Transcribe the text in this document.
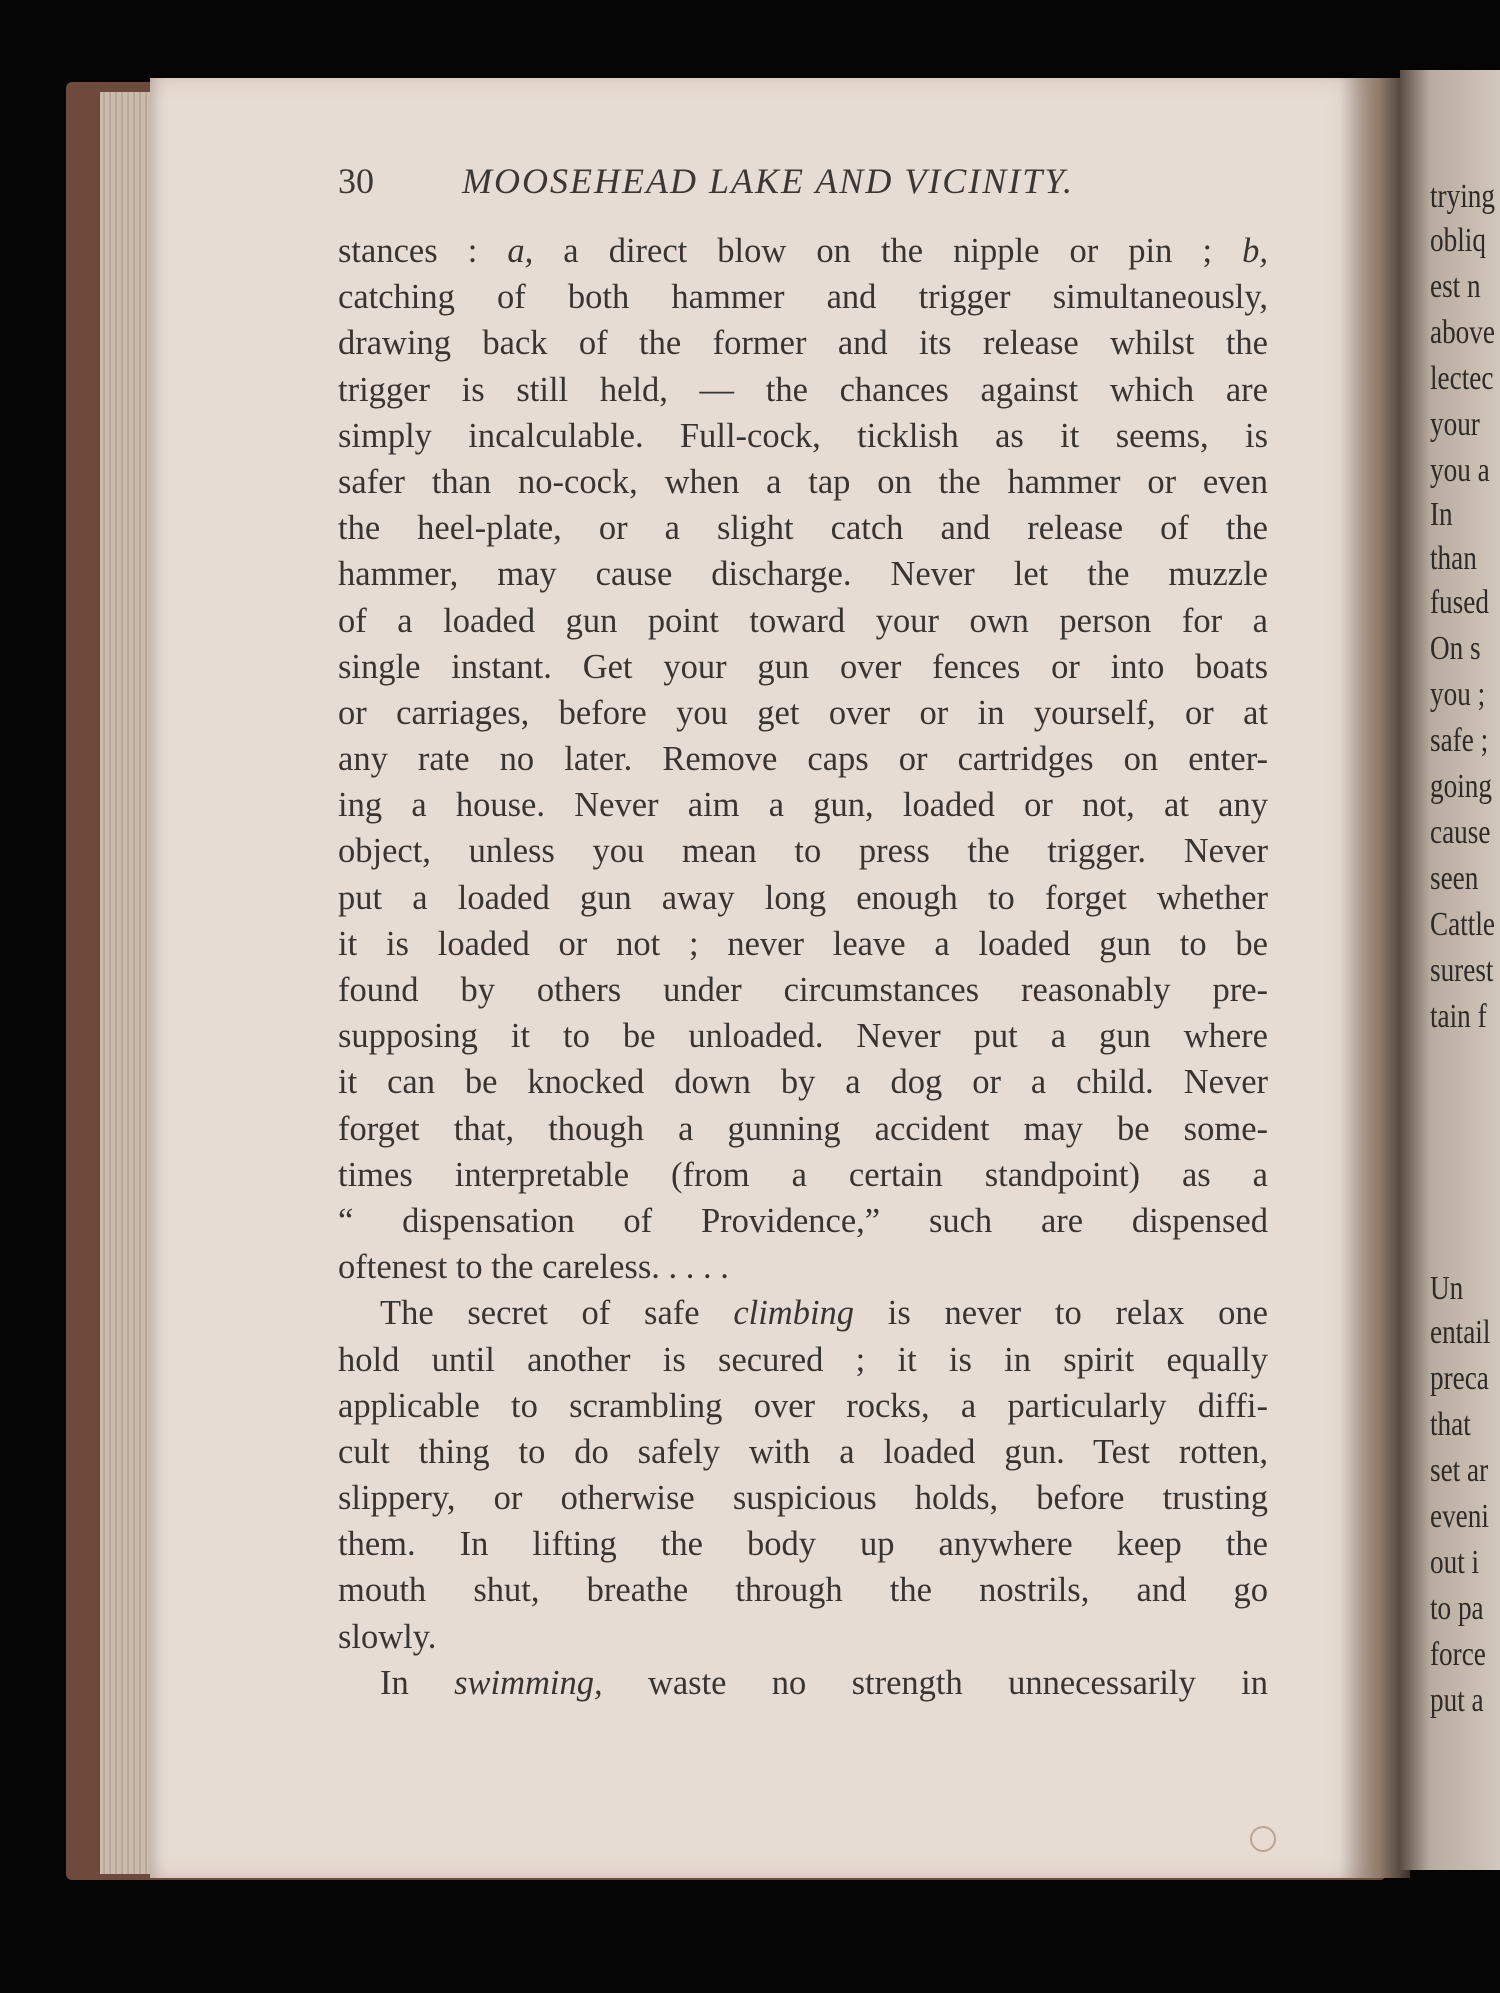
trying
obliq
est n
above
lectec
your
you a
In
than
fused
On s
you ;
safe ;
going
cause
seen
Cattle
surest
tain f
Un
entail
preca
that
set ar
eveni
out i
to pa
force
put a
30 MOOSEHEAD LAKE AND VICINITY.
stances : a, a direct blow on the nipple or pin ; b,
catching of both hammer and trigger simultaneously,
drawing back of the former and its release whilst the
trigger is still held, — the chances against which are
simply incalculable. Full-cock, ticklish as it seems, is
safer than no-cock, when a tap on the hammer or even
the heel-plate, or a slight catch and release of the
hammer, may cause discharge. Never let the muzzle
of a loaded gun point toward your own person for a
single instant. Get your gun over fences or into boats
or carriages, before you get over or in yourself, or at
any rate no later. Remove caps or cartridges on enter-
ing a house. Never aim a gun, loaded or not, at any
object, unless you mean to press the trigger. Never
put a loaded gun away long enough to forget whether
it is loaded or not ; never leave a loaded gun to be
found by others under circumstances reasonably pre-
supposing it to be unloaded. Never put a gun where
it can be knocked down by a dog or a child. Never
forget that, though a gunning accident may be some-
times interpretable (from a certain standpoint) as a
“ dispensation of Providence,” such are dispensed
oftenest to the careless. . . . .
The secret of safe climbing is never to relax one
hold until another is secured ; it is in spirit equally
applicable to scrambling over rocks, a particularly diffi-
cult thing to do safely with a loaded gun. Test rotten,
slippery, or otherwise suspicious holds, before trusting
them. In lifting the body up anywhere keep the
mouth shut, breathe through the nostrils, and go
slowly.
In swimming, waste no strength unnecessarily in
